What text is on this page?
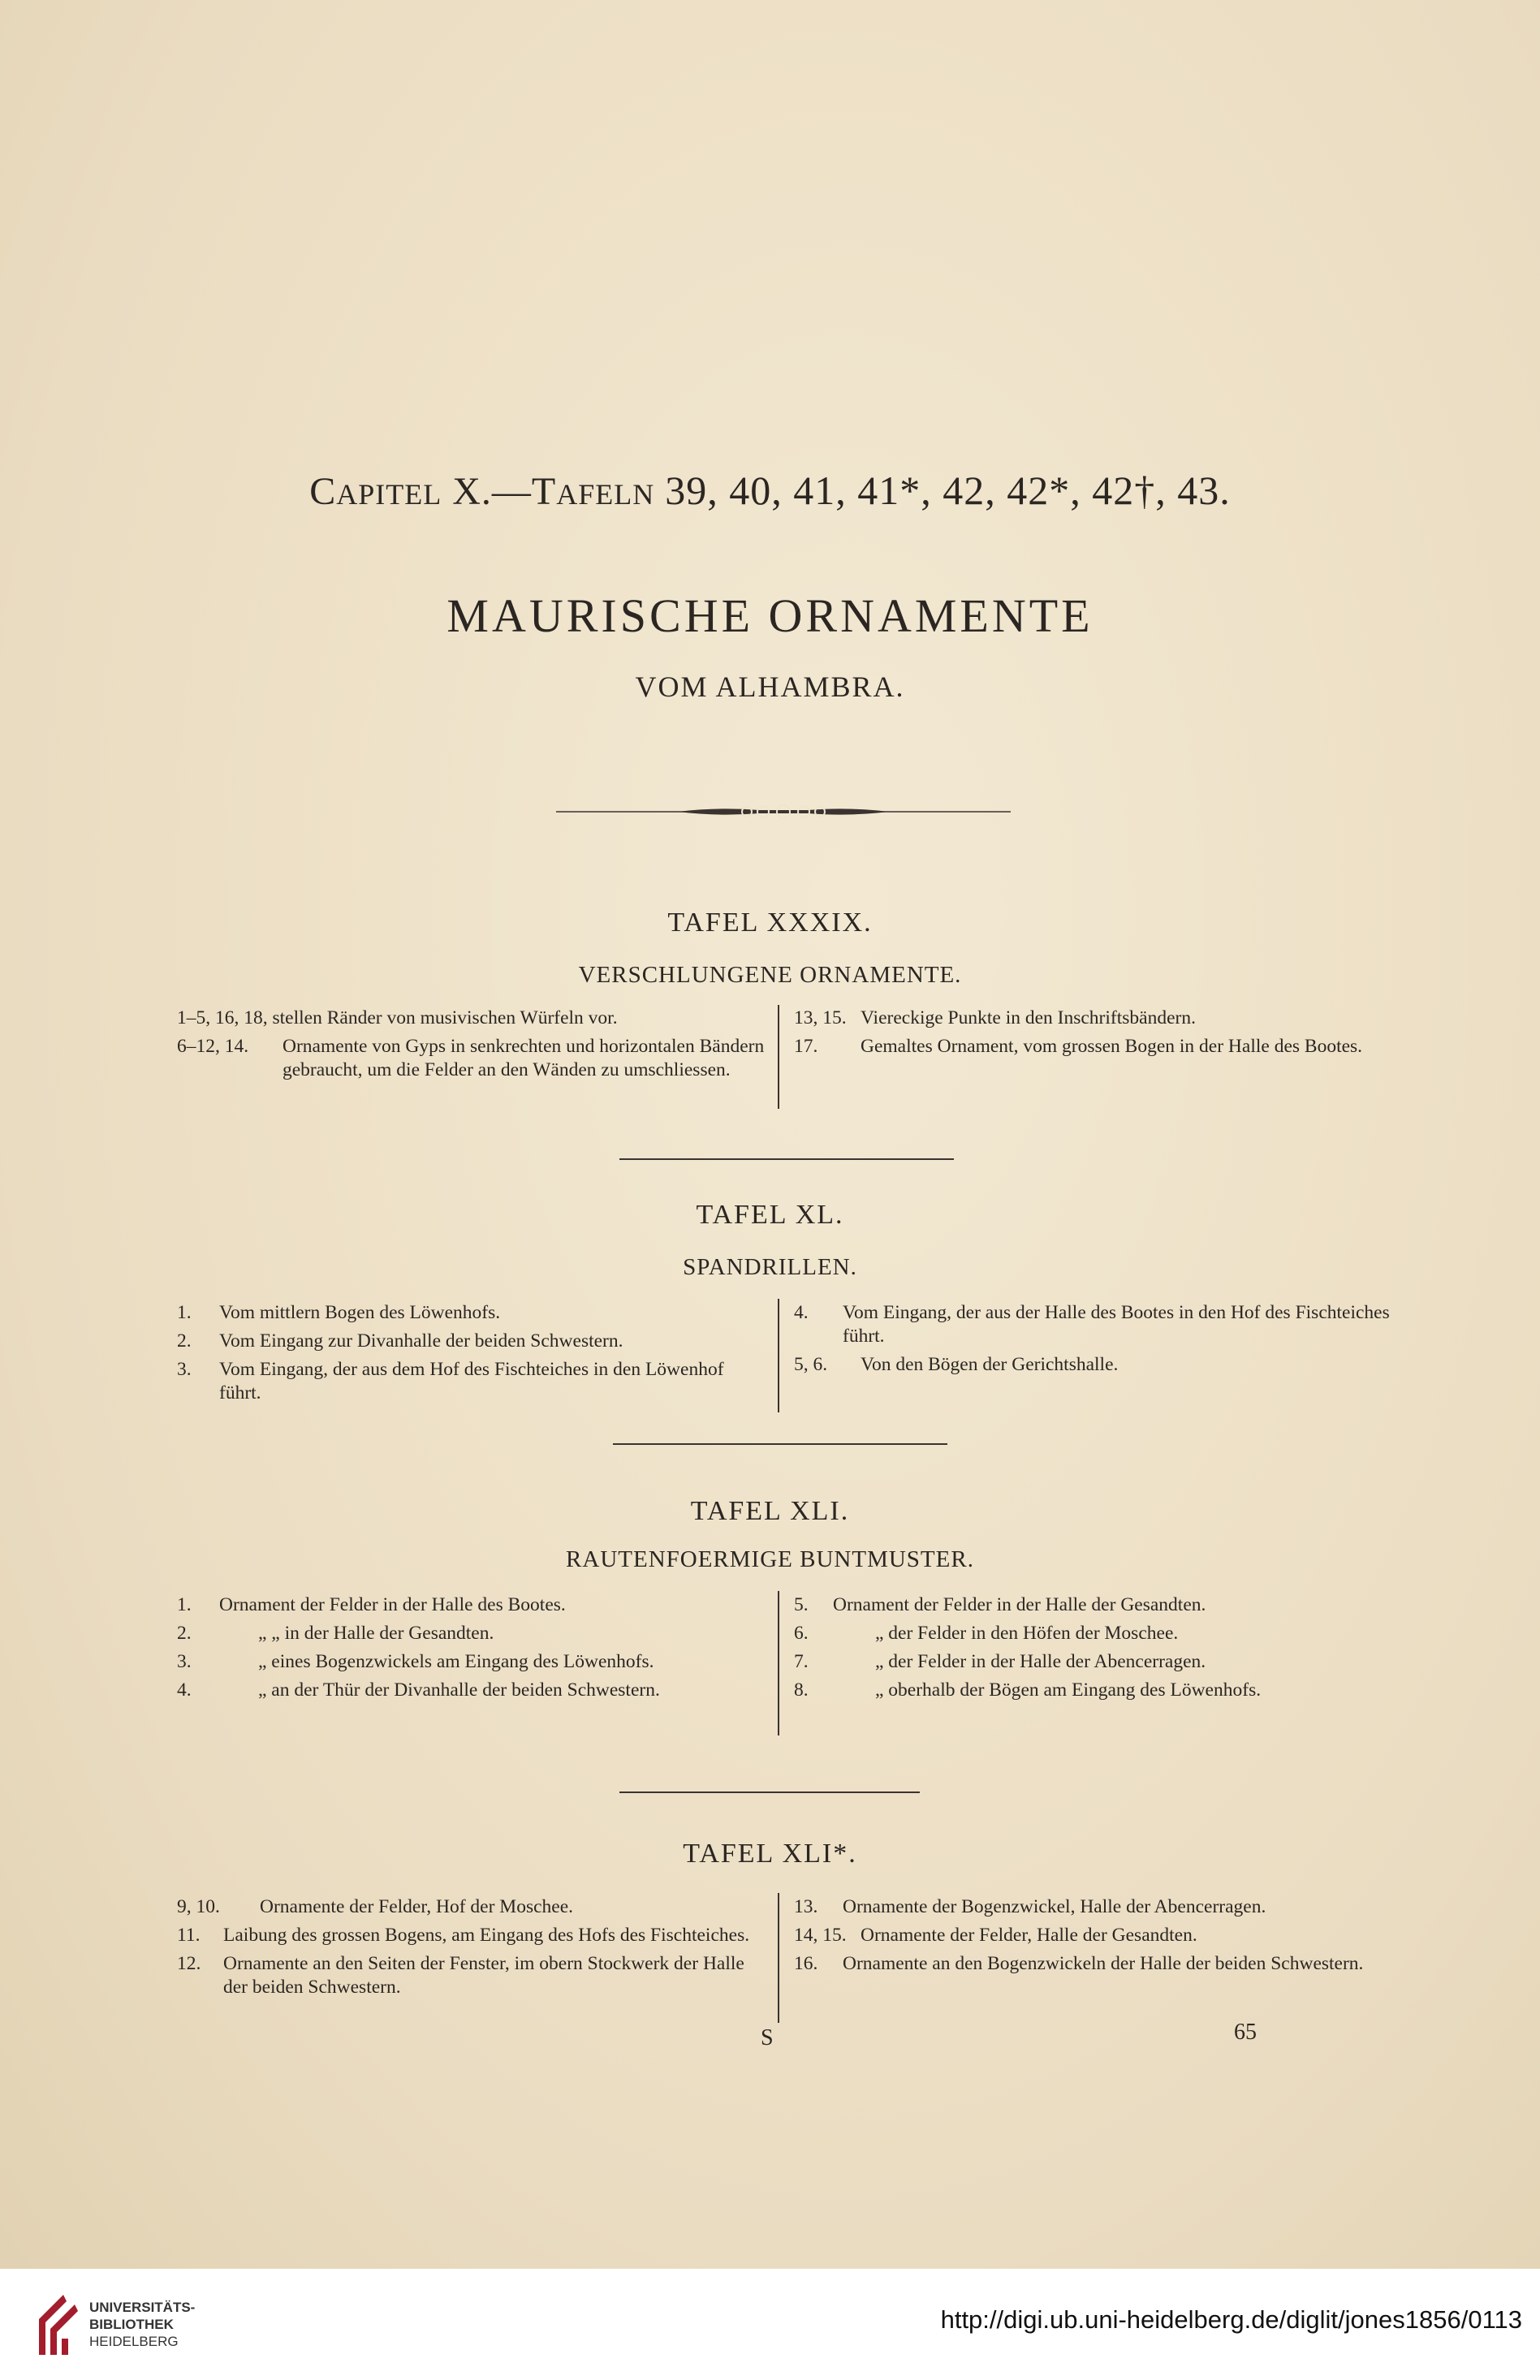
CAPITEL X.—TAFELN 39, 40, 41, 41*, 42, 42*, 42†, 43.
MAURISCHE ORNAMENTE
VOM ALHAMBRA.
TAFEL XXXIX.
VERSCHLUNGENE ORNAMENTE.
1–5, 16, 18, stellen Ränder von musivischen Würfeln vor.
6–12, 14. Ornamente von Gyps in senkrechten und horizontalen Bändern gebraucht, um die Felder an den Wänden zu umschliessen.
13, 15. Viereckige Punkte in den Inschriftsbändern.
17. Gemaltes Ornament, vom grossen Bogen in der Halle des Bootes.
TAFEL XL.
SPANDRILLEN.
1. Vom mittlern Bogen des Löwenhofs.
2. Vom Eingang zur Divanhalle der beiden Schwestern.
3. Vom Eingang, der aus dem Hof des Fischteiches in den Löwenhof führt.
4. Vom Eingang, der aus der Halle des Bootes in den Hof des Fischteiches führt.
5, 6. Von den Bögen der Gerichtshalle.
TAFEL XLI.
RAUTENFOERMIGE BUNTMUSTER.
1. Ornament der Felder in der Halle des Bootes.
2.	„ „ in der Halle der Gesandten.
3.	„ eines Bogenzwickels am Eingang des Löwenhofs.
4.	„ an der Thür der Divanhalle der beiden Schwestern.
5. Ornament der Felder in der Halle der Gesandten.
6.	„ der Felder in den Höfen der Moschee.
7.	„ der Felder in der Halle der Abencerragen.
8.	„ oberhalb der Bögen am Eingang des Löwenhofs.
TAFEL XLI*.
9, 10. Ornamente der Felder, Hof der Moschee.
11. Laibung des grossen Bogens, am Eingang des Hofs des Fischteiches.
12. Ornamente an den Seiten der Fenster, im obern Stockwerk der Halle der beiden Schwestern.
13. Ornamente der Bogenzwickel, Halle der Abencerragen.
14, 15. Ornamente der Felder, Halle der Gesandten.
16. Ornamente an den Bogenzwickeln der Halle der beiden Schwestern.
S	65
UNIVERSITÄTS-
BIBLIOTHEK
HEIDELBERG
http://digi.ub.uni-heidelberg.de/diglit/jones1856/0113
